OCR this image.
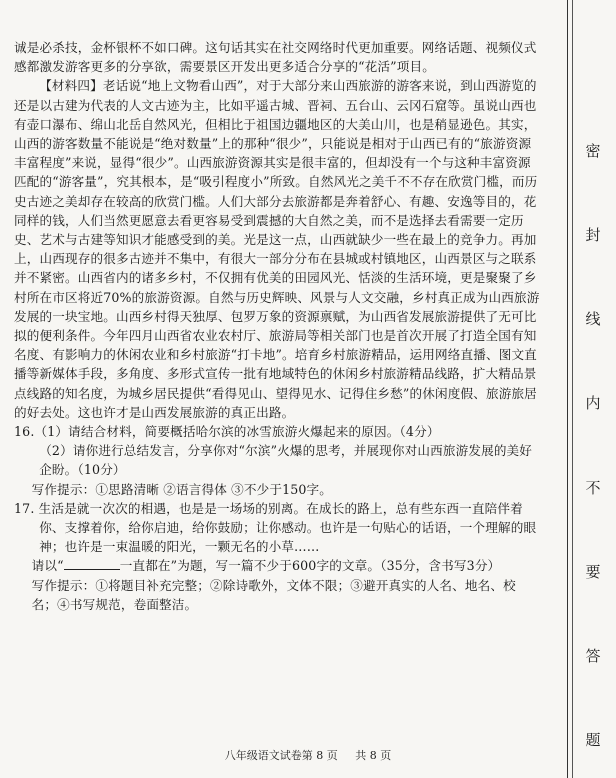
诚是必杀技，金杯银杯不如口碑。这句话其实在社交网络时代更加重要。网络话题、视频仪式感都激发游客更多的分享欲，需要景区开发出更多适合分享的“花活”项目。

【材料四】老话说“地上文物看山西”，对于大部分来山西旅游的游客来说，到山西游览的还是以古建为代表的人文古迹为主，比如平遥古城、晋祠、五台山、云冈石窟等。虽说山西也有壶口瀑布、绵山北岳自然风光，但相比于祖国边疆地区的大美山川，也是稍显逊色。其实，山西的游客数量不能说是“绝对数量”上的那种“很少”，只能说是相对于山西已有的“旅游资源丰富程度”来说，显得“很少”。山西旅游资源其实是很丰富的，但却没有一个与这种丰富资源匹配的“游客量”，究其根本，是“吸引程度小”所致。自然风光之美千不不存在欣赏门槛，而历史古迹之美却存在较高的欣赏门槛。人们大部分去旅游都是奔着舒心、有趣、安逸等目的，花同样的钱，人们当然更愿意去看更容易受到震撼的大自然之美，而不是选择去看需要一定历史、艺术与古建等知识才能感受到的美。光是这一点，山西就缺少一些在最上的竞争力。再加上，山西现存的很多古迹并不集中，有很大一部分分布在县城或村镇地区，山西景区与之联系并不紧密。山西省内的诸多乡村，不仅拥有优美的田园风光、恬淡的生活环境，更是聚聚了乡村所在市区将近70%的旅游资源。自然与历史辉映、风景与人文交融，乡村真正成为山西旅游发展的一块宝地。山西乡村得天独厚、包罗万象的资源禀赋，为山西省发展旅游提供了无可比拟的便利条件。今年四月山西省农业农村厅、旅游局等相关部门也是首次开展了打造全国有知名度、有影响力的休闲农业和乡村旅游“打卡地”。培育乡村旅游精品，运用网络直播、图文直播等新媒体手段，多角度、多形式宣传一批有地域特色的休闲乡村旅游精品线路，扩大精品景点线路的知名度，为城乡居民提供“看得见山、望得见水、记得住乡愁”的休闲度假、旅游旅居的好去处。这也许才是山西发展旅游的真正出路。

16.（1）请结合材料，简要概括哈尔滨的冰雪旅游火爆起来的原因。（4分）

（2）请你进行总结发言，分享你对“尔滨”火爆的思考，并展现你对山西旅游发展的美好企盼。（10分）

写作提示：①思路清晰 ②语言得体 ③不少于150字。

17. 生活是就一次次的相遇，也是是一场场的别离。在成长的路上，总有些东西一直陪伴着你、支撑着你，给你启迪，给你鼓励；让你感动。也许是一句贴心的话语，一个理解的眼神；也许是一束温暖的阳光，一颗无名的小草……

请以“	一直都在”为题，写一篇不少于600字的文章。（35分，含书写3分）

写作提示：①将题目补充完整；②除诗歌外，文体不限；③避开真实的人名、地名、校名；④书写规范，卷面整洁。

八年级语文试卷第 8 页 共 8 页
密
封
线
内
不
要
答
题
